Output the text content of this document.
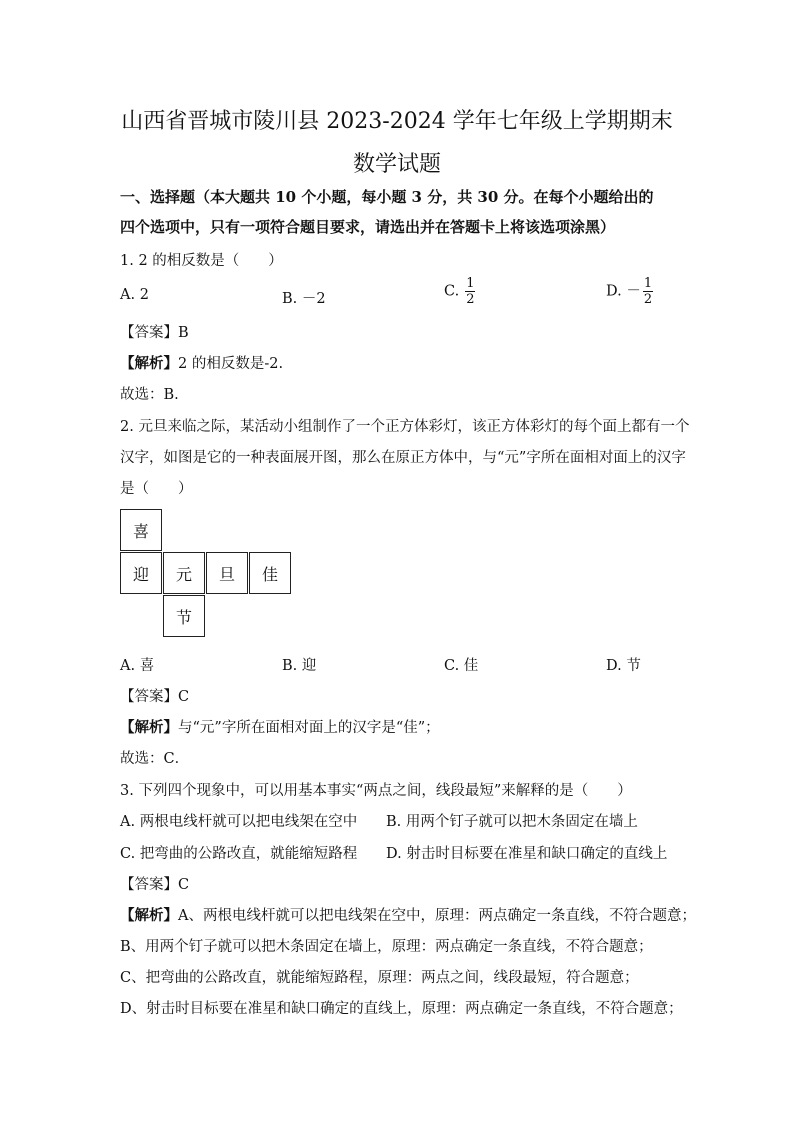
山西省晋城市陵川县 2023-2024 学年七年级上学期期末
数学试题
一、选择题（本大题共 10 个小题，每小题 3 分，共 30 分。在每个小题给出的
四个选项中，只有一项符合题目要求，请选出并在答题卡上将该选项涂黑）
1. 2 的相反数是（　　）
A. 2	B. －2	C. $\frac{1}{2}$	D. － $\frac{1}{2}$
【答案】B
【解析】2 的相反数是-2.
故选：B.
2. 元旦来临之际，某活动小组制作了一个正方体彩灯，该正方体彩灯的每个面上都有一个
汉字，如图是它的一种表面展开图，那么在原正方体中，与“元”字所在面相对面上的汉字
是（　　）
喜
迎	元	旦	佳
节
A. 喜	B. 迎	C. 佳	D. 节
【答案】C
【解析】与“元”字所在面相对面上的汉字是“佳”；
故选：C．
3. 下列四个现象中，可以用基本事实“两点之间，线段最短”来解释的是（　　）
A. 两根电线杆就可以把电线架在空中 B. 用两个钉子就可以把木条固定在墙上
C. 把弯曲的公路改直，就能缩短路程 D. 射击时目标要在准星和缺口确定的直线上
【答案】C
【解析】A、两根电线杆就可以把电线架在空中，原理：两点确定一条直线，不符合题意；
B、用两个钉子就可以把木条固定在墙上，原理：两点确定一条直线，不符合题意；
C、把弯曲的公路改直，就能缩短路程，原理：两点之间，线段最短，符合题意；
D、射击时目标要在准星和缺口确定的直线上，原理：两点确定一条直线，不符合题意；
